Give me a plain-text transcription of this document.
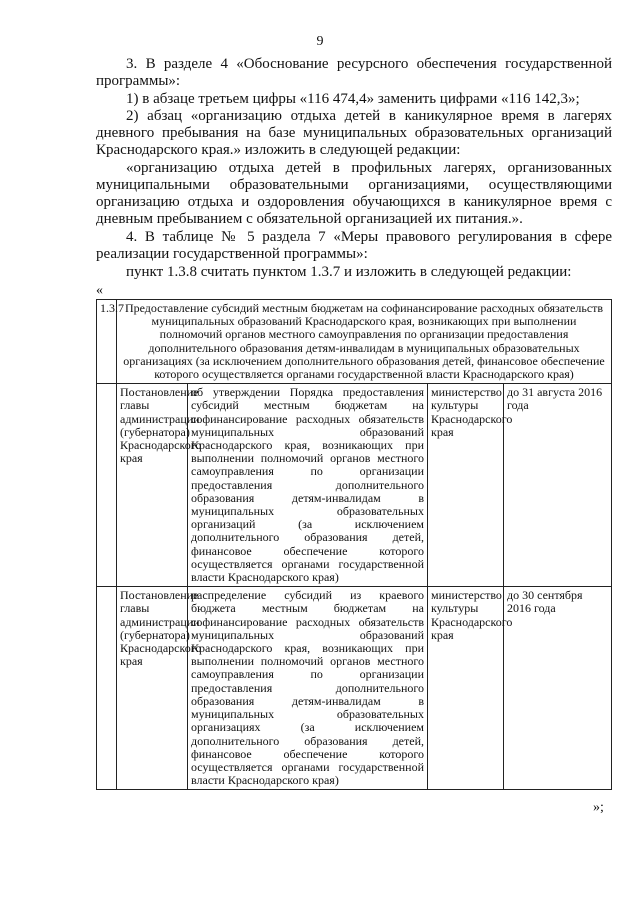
9

3. В разделе 4 «Обоснование ресурсного обеспечения государственной программы»:

1) в абзаце третьем цифры «116 474,4» заменить цифрами «116 142,3»;

2) абзац «организацию отдыха детей в каникулярное время в лагерях дневного пребывания на базе муниципальных образовательных организаций Краснодарского края.» изложить в следующей редакции:

«организацию отдыха детей в профильных лагерях, организованных муниципальными образовательными организациями, осуществляющими организацию отдыха и оздоровления обучающихся в каникулярное время с дневным пребыванием с обязательной организацией их питания.».

4. В таблице № 5 раздела 7 «Меры правового регулирования в сфере реализации государственной программы»:

пункт 1.3.8 считать пунктом 1.3.7 и изложить в следующей редакции:

«
1.3.7	Предоставление субсидий местным бюджетам на софинансирование расходных обязательств муниципальных образований Краснодарского края, возникающих при выполнении полномочий органов местного самоуправления по организации предоставления дополнительного образования детям-инвалидам в муниципальных образовательных организациях (за исключением дополнительного образования детей, финансовое обеспечение которого осуществляется органами государственной власти Краснодарского края)			
	Постановление главы администрации (губернатора) Краснодарского края	об утверждении Порядка предоставления субсидий местным бюджетам на софинансирование расходных обязательств муниципальных образований Краснодарского края, возникающих при выполнении полномочий органов местного самоуправления по организации предоставления дополнительного образования детям-инвалидам в муниципальных образовательных организаций (за исключением дополнительного образования детей, финансовое обеспечение которого осуществляется органами государственной власти Краснодарского края)	министерство культуры Краснодарского края	до 31 августа 2016 года
	Постановление главы администрации (губернатора) Краснодарского края	распределение субсидий из краевого бюджета местным бюджетам на софинансирование расходных обязательств муниципальных образований Краснодарского края, возникающих при выполнении полномочий органов местного самоуправления по организации предоставления дополнительного образования детям-инвалидам в муниципальных образовательных организациях (за исключением дополнительного образования детей, финансовое обеспечение которого осуществляется органами государственной власти Краснодарского края)	министерство культуры Краснодарского края	до 30 сентября 2016 года
»;
